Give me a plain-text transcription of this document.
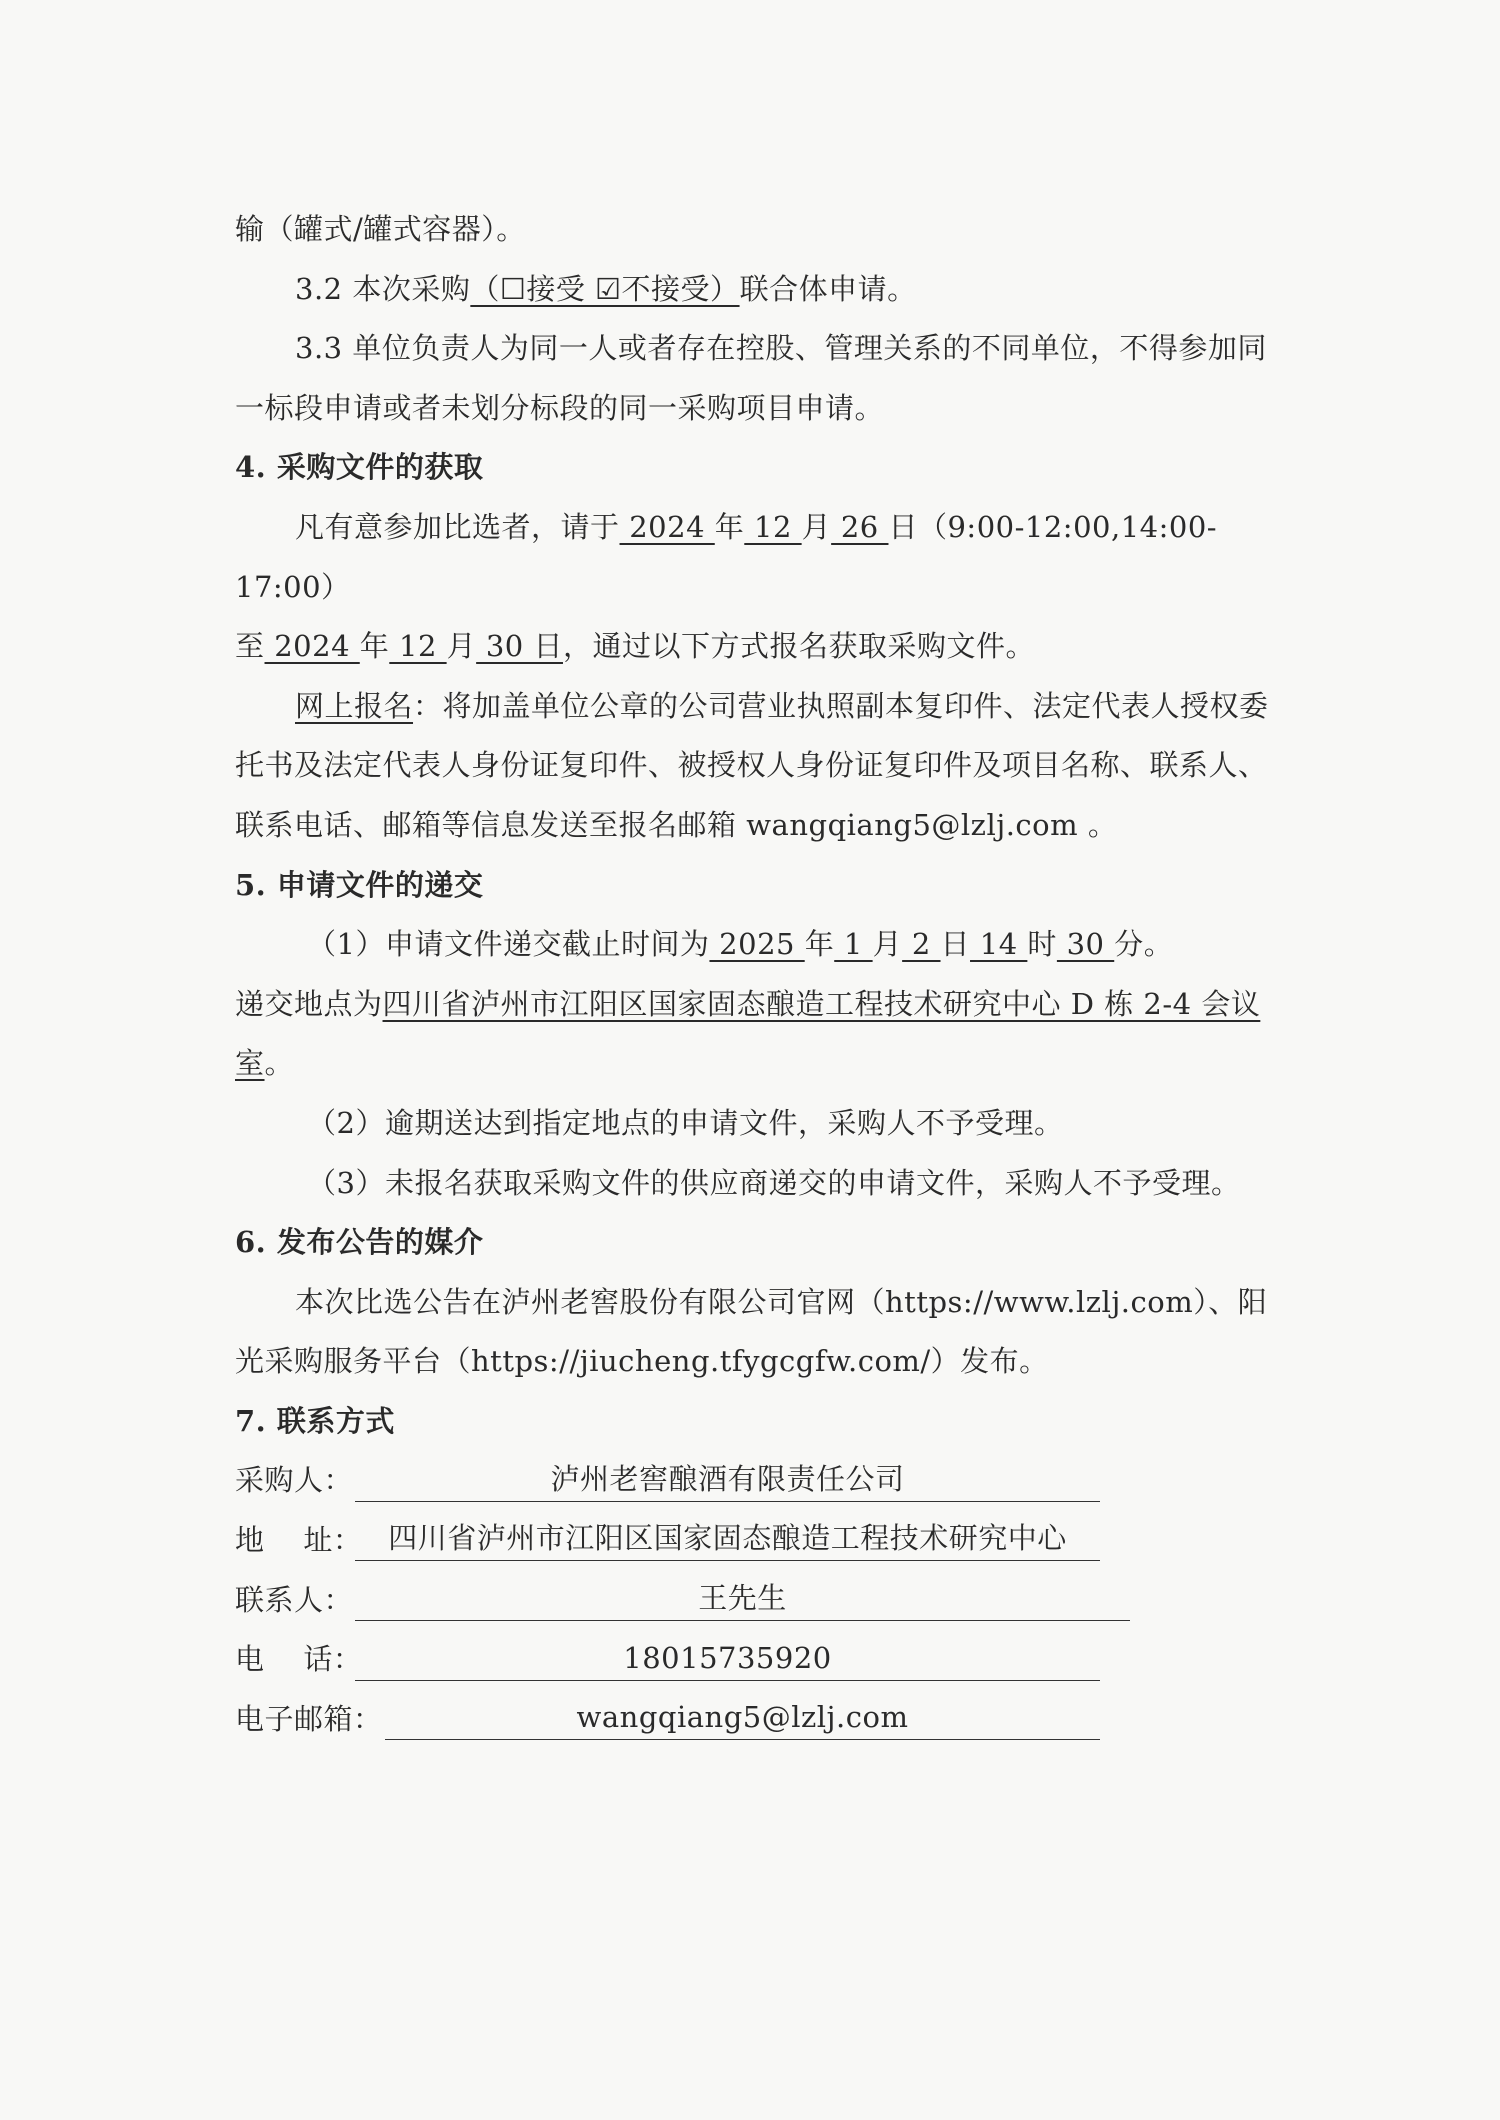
输（罐式/罐式容器）。

3.2 本次采购（☐接受 ☑不接受）联合体申请。

3.3 单位负责人为同一人或者存在控股、管理关系的不同单位，不得参加同

一标段申请或者未划分标段的同一采购项目申请。

4. 采购文件的获取

凡有意参加比选者，请于 2024 年 12 月 26 日（9:00-12:00,14:00-17:00）
至 2024 年 12 月 30 日，通过以下方式报名获取采购文件。

网上报名：将加盖单位公章的公司营业执照副本复印件、法定代表人授权委
托书及法定代表人身份证复印件、被授权人身份证复印件及项目名称、联系人、
联系电话、邮箱等信息发送至报名邮箱 wangqiang5@lzlj.com 。

5. 申请文件的递交

（1）申请文件递交截止时间为 2025 年 1 月 2 日 14 时 30 分。
递交地点为四川省泸州市江阳区国家固态酿造工程技术研究中心 D 栋 2-4 会议
室。

（2）逾期送达到指定地点的申请文件，采购人不予受理。

（3）未报名获取采购文件的供应商递交的申请文件，采购人不予受理。

6. 发布公告的媒介

本次比选公告在泸州老窖股份有限公司官网（https://www.lzlj.com）、阳

光采购服务平台（https://jiucheng.tfygcgfw.com/）发布。

7. 联系方式

采购人：	泸州老窖酿酒有限责任公司
地    址： 四川省泸州市江阳区国家固态酿造工程技术研究中心
联系人：	王先生
电    话：	18015735920
电子邮箱：	wangqiang5@lzlj.com
